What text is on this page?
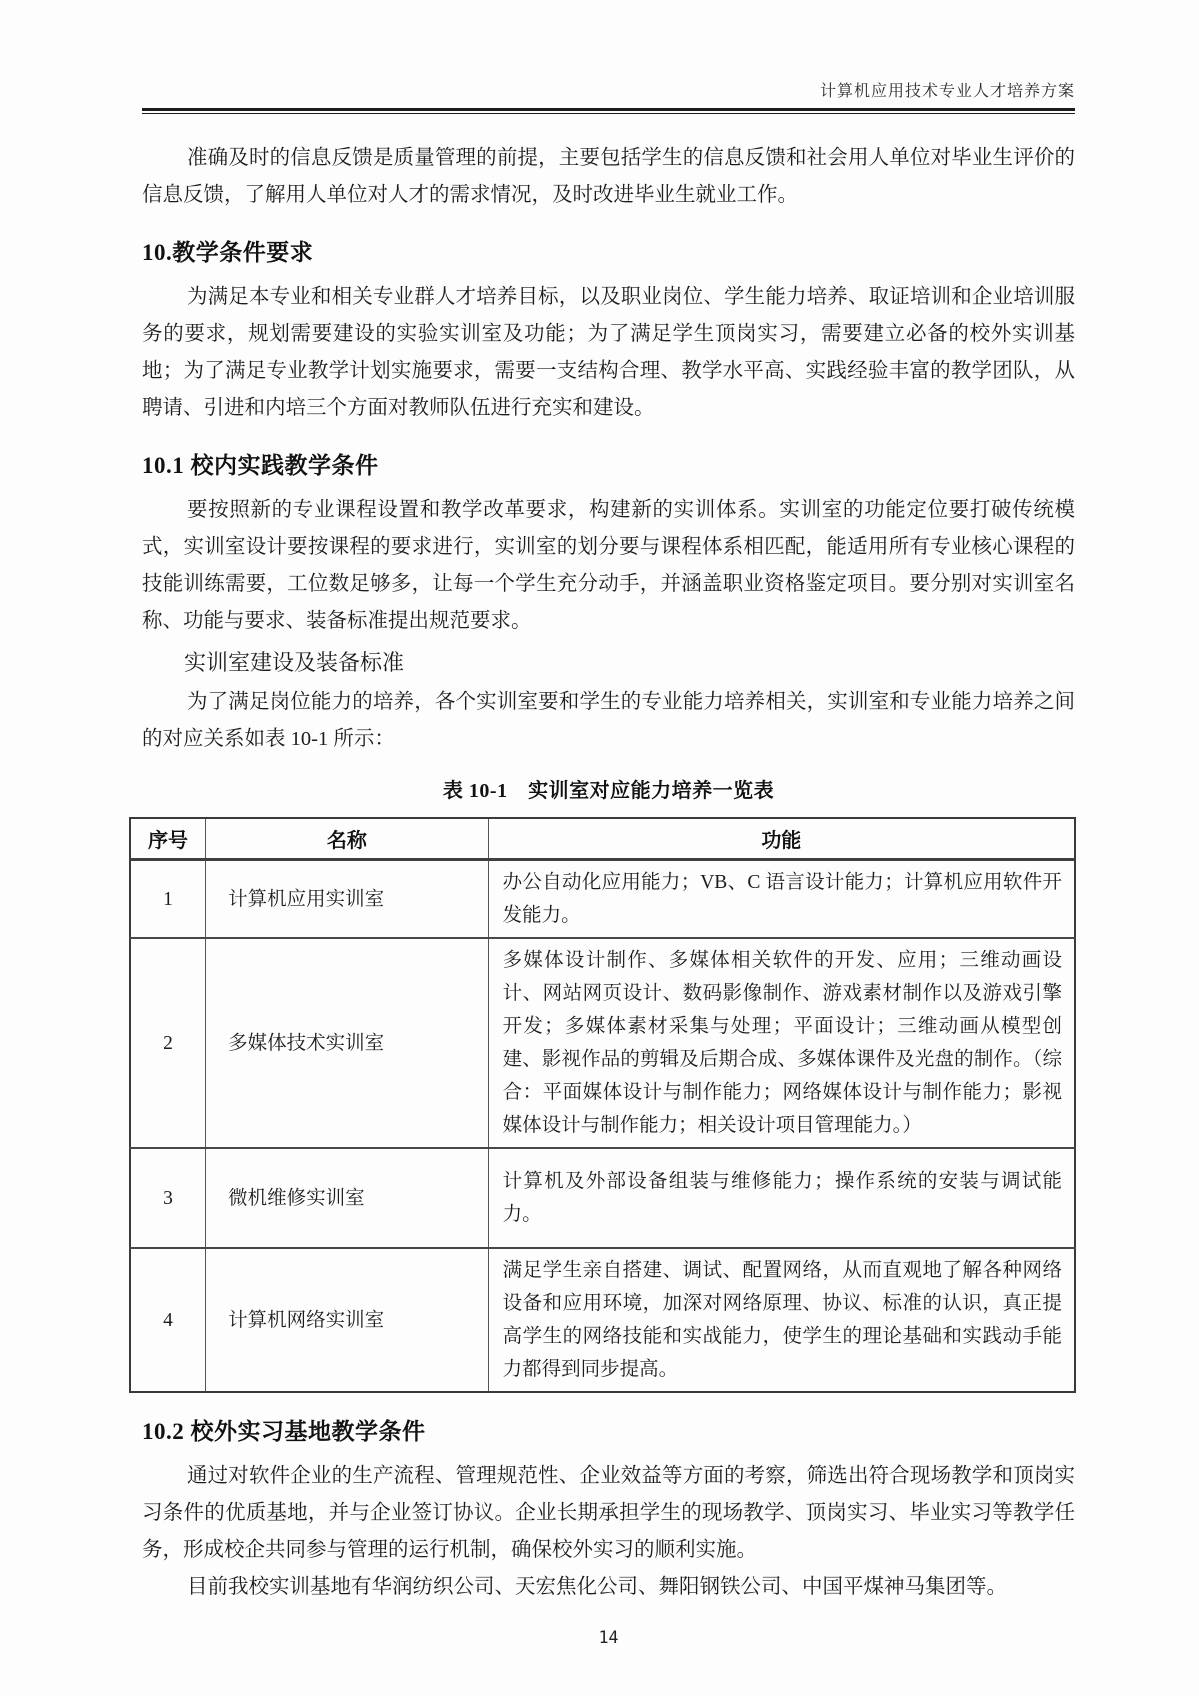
计算机应用技术专业人才培养方案

准确及时的信息反馈是质量管理的前提，主要包括学生的信息反馈和社会用人单位对毕业生评价的信息反馈，了解用人单位对人才的需求情况，及时改进毕业生就业工作。

10.教学条件要求

为满足本专业和相关专业群人才培养目标，以及职业岗位、学生能力培养、取证培训和企业培训服务的要求，规划需要建设的实验实训室及功能；为了满足学生顶岗实习，需要建立必备的校外实训基地；为了满足专业教学计划实施要求，需要一支结构合理、教学水平高、实践经验丰富的教学团队，从聘请、引进和内培三个方面对教师队伍进行充实和建设。

10.1 校内实践教学条件

要按照新的专业课程设置和教学改革要求，构建新的实训体系。实训室的功能定位要打破传统模式，实训室设计要按课程的要求进行，实训室的划分要与课程体系相匹配，能适用所有专业核心课程的技能训练需要，工位数足够多，让每一个学生充分动手，并涵盖职业资格鉴定项目。要分别对实训室名称、功能与要求、装备标准提出规范要求。

实训室建设及装备标准

为了满足岗位能力的培养，各个实训室要和学生的专业能力培养相关，实训室和专业能力培养之间的对应关系如表 10-1 所示：

表 10-1　实训室对应能力培养一览表
序号	名称	功能
1	计算机应用实训室	办公自动化应用能力；VB、C 语言设计能力；计算机应用软件开发能力。
2	多媒体技术实训室	多媒体设计制作、多媒体相关软件的开发、应用；三维动画设计、网站网页设计、数码影像制作、游戏素材制作以及游戏引擎开发；多媒体素材采集与处理；平面设计；三维动画从模型创建、影视作品的剪辑及后期合成、多媒体课件及光盘的制作。（综合：平面媒体设计与制作能力；网络媒体设计与制作能力；影视媒体设计与制作能力；相关设计项目管理能力。）
3	微机维修实训室	计算机及外部设备组装与维修能力；操作系统的安装与调试能力。
4	计算机网络实训室	满足学生亲自搭建、调试、配置网络，从而直观地了解各种网络设备和应用环境，加深对网络原理、协议、标准的认识，真正提高学生的网络技能和实战能力，使学生的理论基础和实践动手能力都得到同步提高。
10.2 校外实习基地教学条件

通过对软件企业的生产流程、管理规范性、企业效益等方面的考察，筛选出符合现场教学和顶岗实习条件的优质基地，并与企业签订协议。企业长期承担学生的现场教学、顶岗实习、毕业实习等教学任务，形成校企共同参与管理的运行机制，确保校外实习的顺利实施。

目前我校实训基地有华润纺织公司、天宏焦化公司、舞阳钢铁公司、中国平煤神马集团等。

14
